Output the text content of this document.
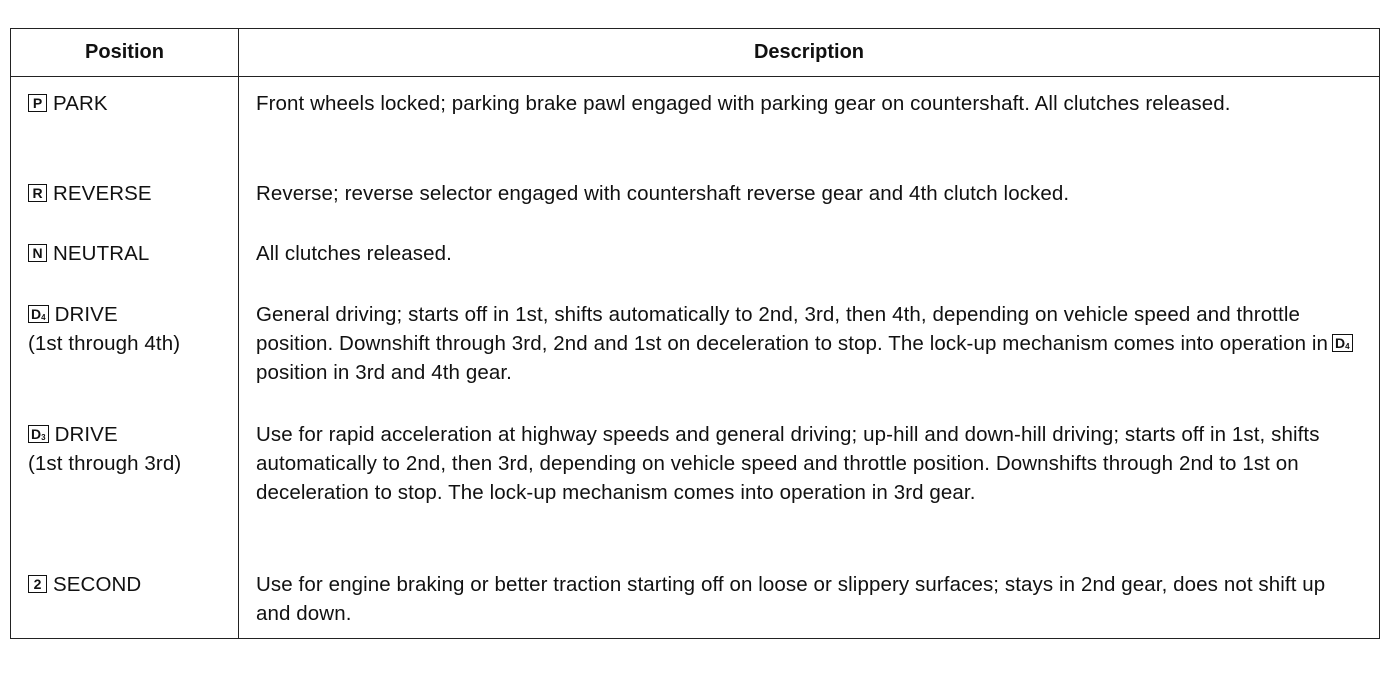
Position	Description
P PARK	Front wheels locked; parking brake pawl engaged with parking gear on countershaft. All clutches released.
R REVERSE	Reverse; reverse selector engaged with countershaft reverse gear and 4th clutch locked.
N NEUTRAL	All clutches released.
$D_4$ DRIVE
(1st through 4th)	General driving; starts off in 1st, shifts automatically to 2nd, 3rd, then 4th, depending on vehicle speed and throttle position. Downshift through 3rd, 2nd and 1st on deceleration to stop. The lock-up mechanism comes into operation in $D_4position$ in 3rd and 4th gear.
$D_3$ DRIVE
(1st through 3rd)	Use for rapid acceleration at highway speeds and general driving; up-hill and down-hill driving; starts off in 1st, shifts automatically to 2nd, then 3rd, depending on vehicle speed and throttle position. Downshifts through 2nd to 1st on deceleration to stop. The lock-up mechanism comes into operation in 3rd gear.
2 SECOND	Use for engine braking or better traction starting off on loose or slippery surfaces; stays in 2nd gear, does not shift up and down.
